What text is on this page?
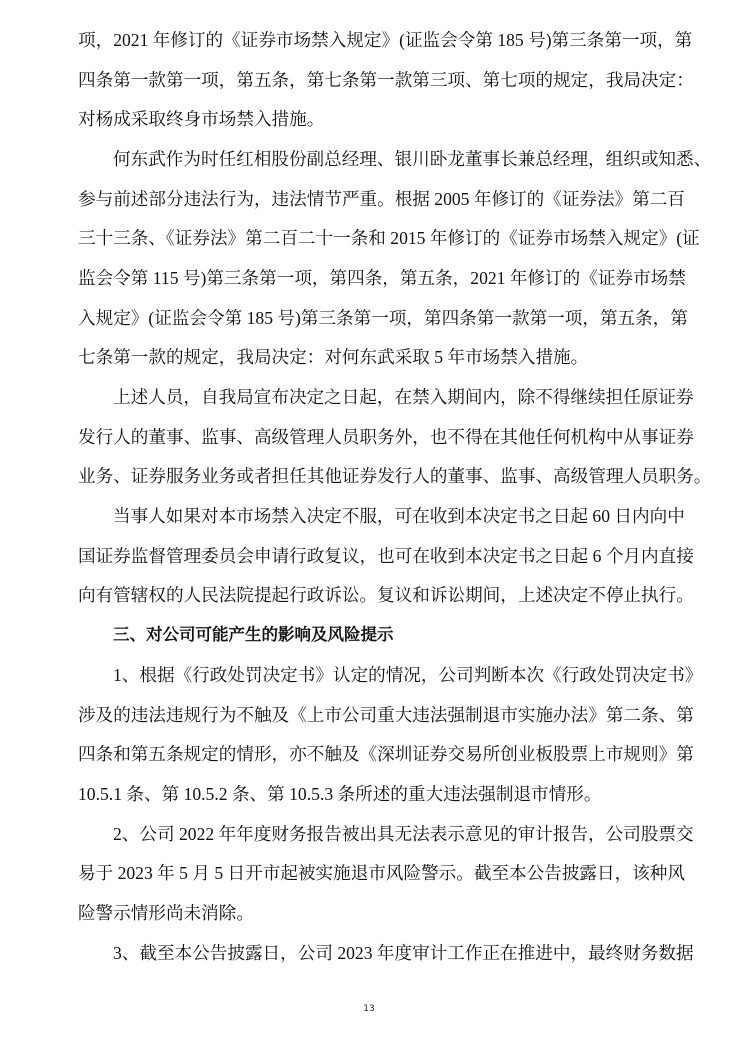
项，2021 年修订的《证券市场禁入规定》(证监会令第 185 号)第三条第一项，第
四条第一款第一项，第五条，第七条第一款第三项、第七项的规定，我局决定：
对杨成采取终身市场禁入措施。
何东武作为时任红相股份副总经理、银川卧龙董事长兼总经理，组织或知悉、
参与前述部分违法行为，违法情节严重。根据 2005 年修订的《证券法》第二百
三十三条、《证券法》第二百二十一条和 2015 年修订的《证券市场禁入规定》(证
监会令第 115 号)第三条第一项，第四条，第五条，2021 年修订的《证券市场禁
入规定》(证监会令第 185 号)第三条第一项，第四条第一款第一项，第五条，第
七条第一款的规定，我局决定：对何东武采取 5 年市场禁入措施。
上述人员，自我局宣布决定之日起，在禁入期间内，除不得继续担任原证券
发行人的董事、监事、高级管理人员职务外，也不得在其他任何机构中从事证券
业务、证券服务业务或者担任其他证券发行人的董事、监事、高级管理人员职务。
当事人如果对本市场禁入决定不服，可在收到本决定书之日起 60 日内向中
国证券监督管理委员会申请行政复议，也可在收到本决定书之日起 6 个月内直接
向有管辖权的人民法院提起行政诉讼。复议和诉讼期间，上述决定不停止执行。
三、对公司可能产生的影响及风险提示
1、根据《行政处罚决定书》认定的情况，公司判断本次《行政处罚决定书》
涉及的违法违规行为不触及《上市公司重大违法强制退市实施办法》第二条、第
四条和第五条规定的情形，亦不触及《深圳证券交易所创业板股票上市规则》第
10.5.1 条、第 10.5.2 条、第 10.5.3 条所述的重大违法强制退市情形。
2、公司 2022 年年度财务报告被出具无法表示意见的审计报告，公司股票交
易于 2023 年 5 月 5 日开市起被实施退市风险警示。截至本公告披露日，该种风
险警示情形尚未消除。
3、截至本公告披露日，公司 2023 年度审计工作正在推进中，最终财务数据
13
